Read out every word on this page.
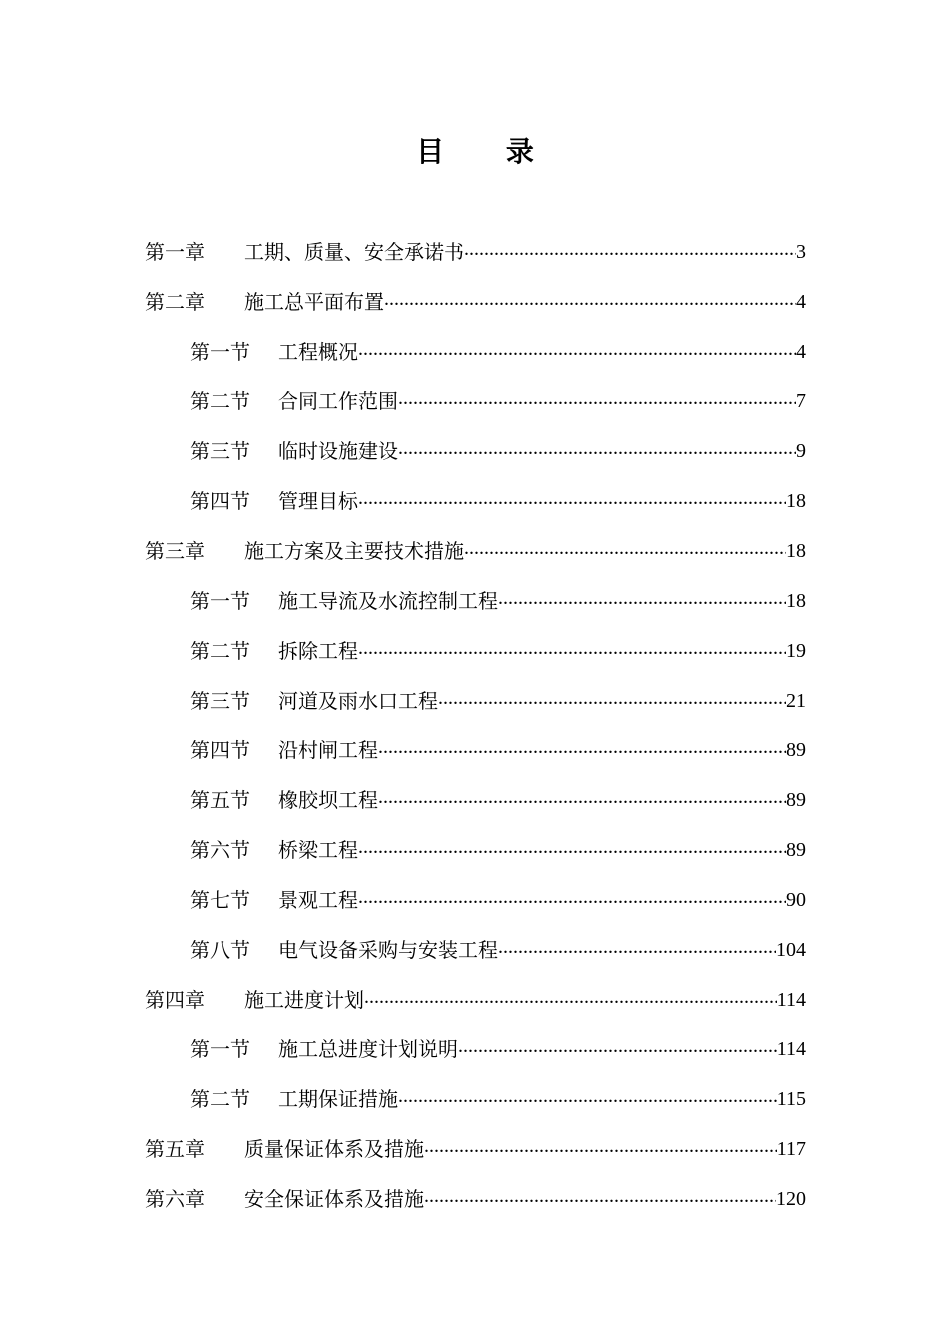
目 录
第一章	工期、质量、安全承诺书 .....	3
第二章	施工总平面布置 .....	4
第一节	工程概况 .....	4
第二节	合同工作范围 .....	7
第三节	临时设施建设 .....	9
第四节	管理目标 .....	18
第三章	施工方案及主要技术措施 .....	18
第一节	施工导流及水流控制工程 .....	18
第二节	拆除工程 .....	19
第三节	河道及雨水口工程 .....	21
第四节	沿村闸工程 .....	89
第五节	橡胶坝工程 .....	89
第六节	桥梁工程 .....	89
第七节	景观工程 .....	90
第八节	电气设备采购与安装工程 .....	104
第四章	施工进度计划 .....	114
第一节	施工总进度计划说明 .....	114
第二节	工期保证措施 .....	115
第五章	质量保证体系及措施 .....	117
第六章	安全保证体系及措施 .....	120
